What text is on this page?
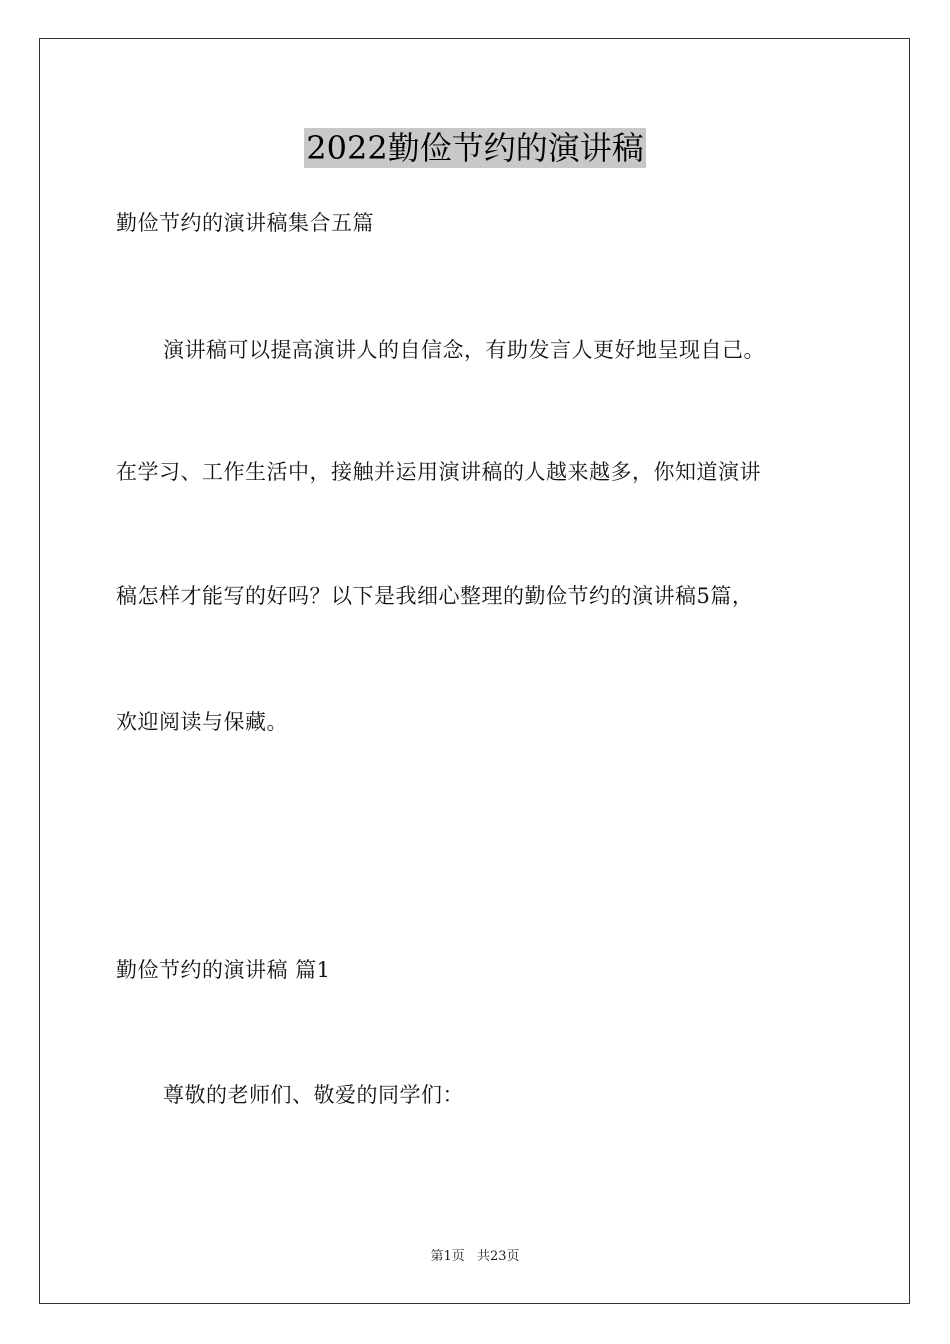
2022勤俭节约的演讲稿
勤俭节约的演讲稿集合五篇
演讲稿可以提高演讲人的自信念，有助发言人更好地呈现自己。
在学习、工作生活中，接触并运用演讲稿的人越来越多，你知道演讲
稿怎样才能写的好吗？以下是我细心整理的勤俭节约的演讲稿5篇，
欢迎阅读与保藏。
勤俭节约的演讲稿 篇1
尊敬的老师们、敬爱的同学们：
第1页 共23页
